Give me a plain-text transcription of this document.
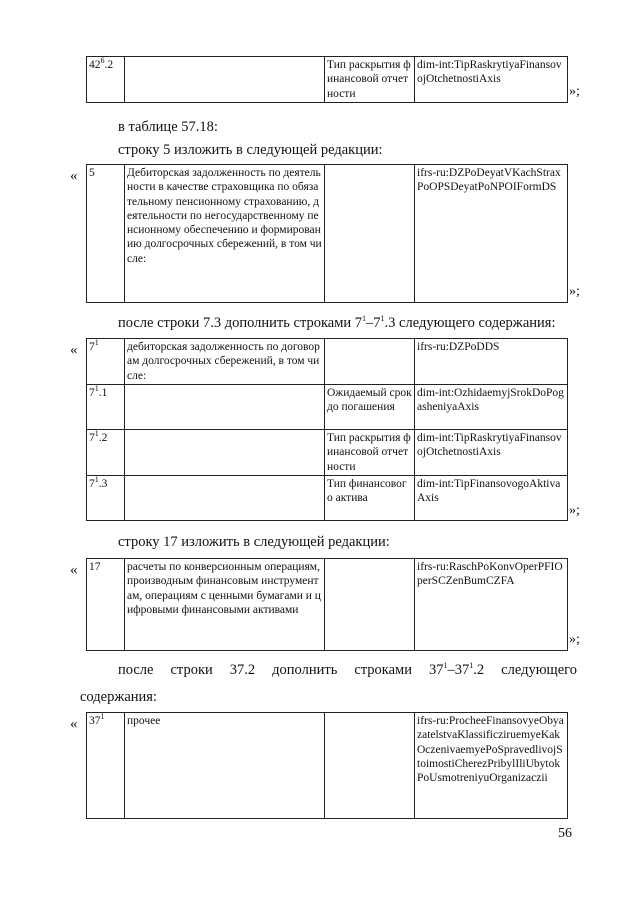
$42^6.2$		Тип раскрытия финансовой отчетности	dim-int:TipRaskrytiyaFinansovojOtchetnostiAxis
»;
в таблице 57.18:
строку 5 изложить в следующей редакции:
« 5	Дебиторская задолженность по деятельности в качестве страховщика по обязательному пенсионному страхованию, деятельности по негосударственному пенсионному обеспечению и формированию долгосрочных сбережений, в том числе:		ifrs-ru:DZPoDeyatVKachStraxPoOPSDeyatPoNPOIFormDS
»;
после строки 7.3 дополнить строками $7^1-7^1.3$ следующего содержания:
« $7^1$	дебиторская задолженность по договорам долгосрочных сбережений, в том числе:		ifrs-ru:DZPoDDS
$7^1.1$		Ожидаемый срок до погашения	dim-int:OzhidaemyjSrokDoPogasheniyaAxis
$7^1.2$		Тип раскрытия финансовой отчетности	dim-int:TipRaskrytiyaFinansovojOtchetnostiAxis
$7^1.3$		Тип финансового актива	dim-int:TipFinansovogoAktivaAxis
»;
строку 17 изложить в следующей редакции:
« 17	расчеты по конверсионным операциям, производным финансовым инструментам, операциям с ценными бумагами и цифровыми финансовыми активами		ifrs-ru:RaschPoKonvOperPFIOperSCZenBumCZFA
»;
после строки 37.2 дополнить строками $37^1-37^1.2$ следующего
содержания:
« $37^1$	прочее		ifrs-ru:ProcheeFinansovyeObyazatelstvaKlassificziruemyeKakOczenivaemyePoSpravedlivojStoimostiCherezPribylIliUbytokPoUsmotreniyuOrganizaczii
56
